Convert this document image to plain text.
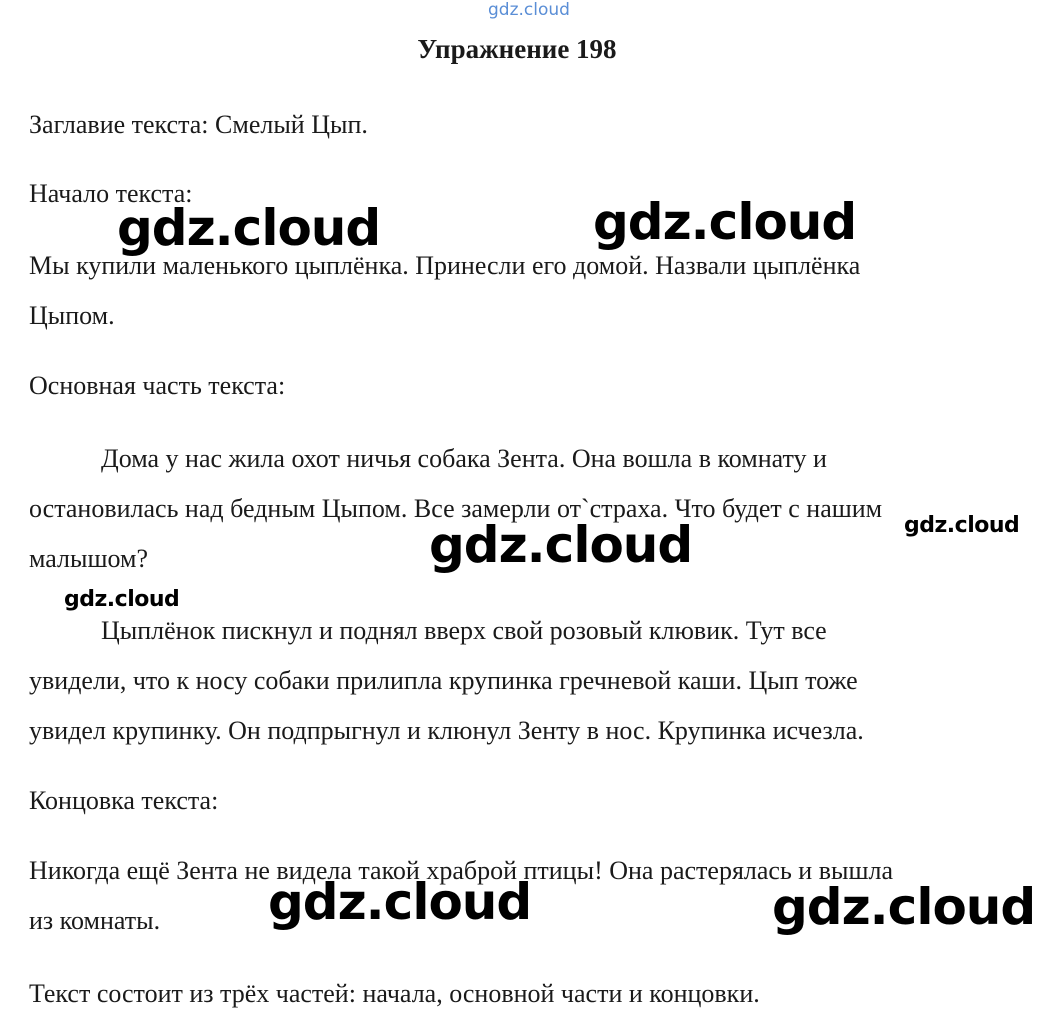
gdz.cloud
Упражнение 198
Заглавие текста: Смелый Цып.
Начало текста:
Мы купили маленького цыплёнка. Принесли его домой. Назвали цыплёнка
Цыпом.
Основная часть текста:
Дома у нас жила охот ничья собака Зента. Она вошла в комнату и
остановилась над бедным Цыпом. Все замерли от`страха. Что будет с нашим
малышом?
Цыплёнок пискнул и поднял вверх свой розовый клювик. Тут все
увидели, что к носу собаки прилипла крупинка гречневой каши. Цып тоже
увидел крупинку. Он подпрыгнул и клюнул Зенту в нос. Крупинка исчезла.
Концовка текста:
Никогда ещё Зента не видела такой храброй птицы! Она растерялась и вышла
из комнаты.
Текст состоит из трёх частей: начала, основной части и концовки.
gdz.cloud	gdz.cloud
gdz.cloud	gdz.cloud
gdz.cloud
gdz.cloud	gdz.cloud
